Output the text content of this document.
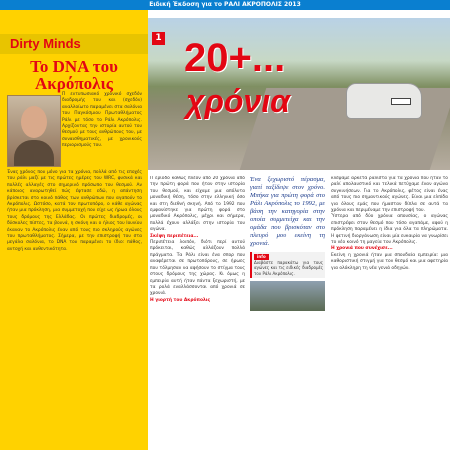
Ειδική Έκδοση για το ΡΑΛΙ ΑΚΡΟΠΟΛΙΣ 2013
Dirty Minds
Το DNA του Ακρόπολις
Π εντυπωσιακό χρονικό σχεδόν διαδρομής του και (σχεδόν) αναλλοίωτο παραμένει στα σαλόνια του Παγκόσμιου Πρωταθλήματος Ράλι με τόσο το Ράλι Ακρόπολις. Αρχίζοντας την ιστορία αυτού του θεσμού με τους ανθρώπους του, με συναισθηματικές, με χρονικούς περιορισμούς του.
Ένας χρόνος που μόνο για τα χρόνια, πολλά από τις εποχές του ράλι μαζί με τις πρώτες ημέρες του WRC, φυσικά και πολλές αλλαγές στο σημερινό πρόσωπο του θεσμού. Αν κάποιος αναρωτηθεί πώς έφτασε εδώ, η απάντηση βρίσκεται στο κοινό πάθος των ανθρώπων που αγαπούν το Ακρόπολις. Ωστόσο, κατά τον πρωτοπόρο, ο κάθε αγώνας ήταν μια πρόκληση, μια συμμετοχή που είχε ως ήρωα όλους τους δρόμους της Ελλάδας. Οι πρώτες διαδρομές, οι δύσκολες πίστες, τα βουνά, η σκόνη και ο ήλιος του Ιουνίου έκαναν το Ακρόπολις έναν από τους πιο σκληρούς αγώνες του πρωταθλήματος. Σήμερα, με την επιστροφή του στα μεγάλα σαλόνια, το DNA του παραμένει το ίδιο: πάθος, αντοχή και αυθεντικότητα.
1 20+...
χρόνια
Π ερίοδο καθώς πλέον από 20 χρόνια από την πρώτη φορά που ήταν στην ιστορία του θεσμού, και είχαμε μια απόλυτα μοναδική θέση, τόσο στην ελληνική όσο και στη διεθνή σκηνή. Από το 1992 που εμφανίστηκε για πρώτη φορά στο μοναδικό Ακρόπολις, μέχρι και σήμερα, πολλά έχουν αλλάξει στην ιστορία του αγώνα.
Σκέψη περιπέτεια...
Περιπέτεια λοιπόν, διότι περί αυτού πρόκειται, καθώς αλλάζουν πολλά πράγματα. Τα Ράλι είναι ένα σπορ που αναφέρεται σε πρωτοπόρους, σε ήρωες που τόλμησαν να αφήσουν το στίγμα τους στους δρόμους της χώρας. Κι όμως η εμπειρία αυτή ήταν πάντα ξεχωριστή, με τα ρολά εναλλάσσονται από χρονιά σε χρονιά.
Η γιορτή του Ακρόπολις
Ένα ξεχωριστό πέρασμα, γιατί ταξίδεψε στον χρόνο. Μπήκα για πρώτη φορά στο Ράλι Ακρόπολις το 1992, με βάση την κατηγορία στην οποία συμμετείχα και την ομάδα που βρισκόταν στο πλευρό μου εκείνη τη χρονιά.
info
Διαβάστε παρακάτω για τους αγώνες και τις ειδικές διαδρομές του Ράλι Ακρόπολις.
κλέψαμε αρκετά ραλίστα για τα χρόνια που ήταν το ραλί απολαυστικό και τελικά πετύχαμε έναν αγώνα συγκινήσεων. Για το Ακρόπολις, φέτος είναι ένας από τους πιο σημαντικούς αγώνες. Είναι μια ελπίδα για όλους εμάς που ήμασταν δίπλα σε αυτά τα χρόνια και περιμέναμε την επιστροφή του.
Ύστερα από δύο χρόνια απουσίας, ο αγώνας επιστρέφει στον θεσμό που τόσο αγαπάμε, αφού η πρόκληση παραμένει η ίδια για όλα τα πληρώματα. Η φετινή διοργάνωση είναι μία ευκαιρία να γνωρίσει το νέο κοινό τη μαγεία του Ακρόπολις.
Η χρονιά που συνέχισε...
Εκείνη η χρονιά ήταν μια σπουδαία εμπειρία: μια καθοριστική στιγμή για τον θεσμό και μια αφετηρία για ολόκληρη τη νέα γενιά οδηγών.
